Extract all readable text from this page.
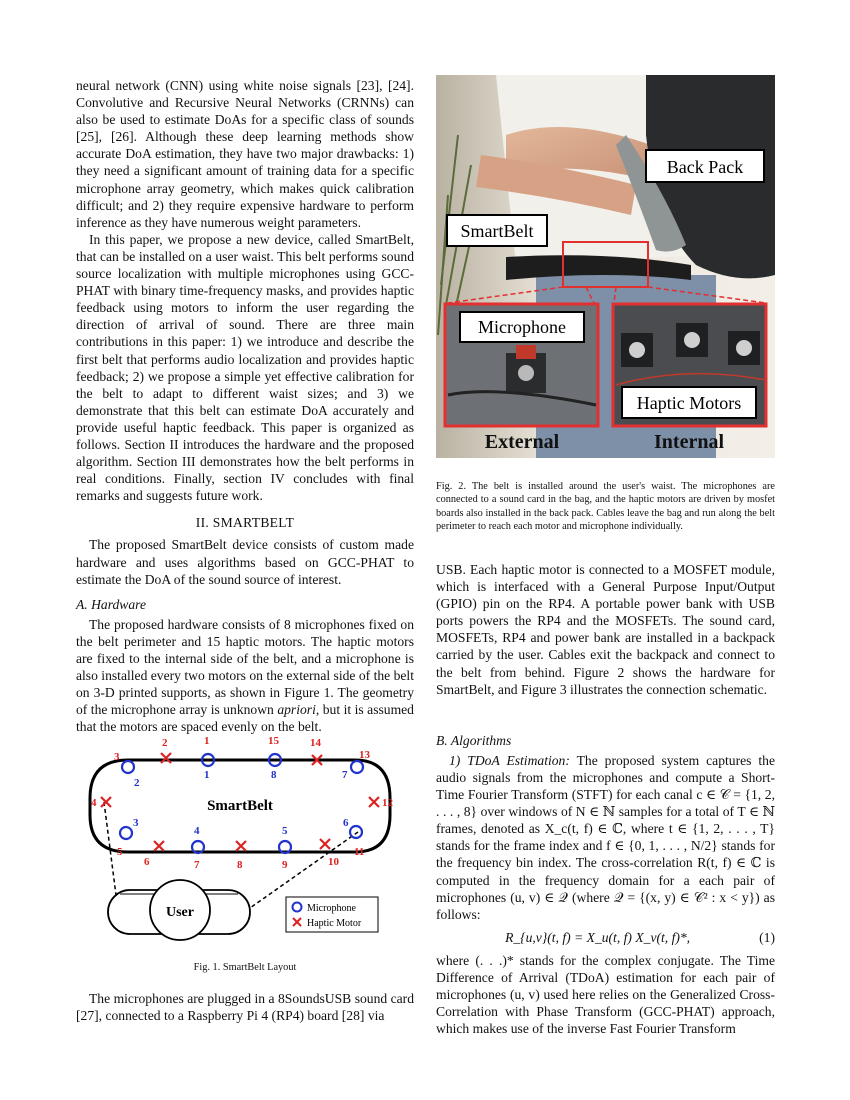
neural network (CNN) using white noise signals [23], [24]. Convolutive and Recursive Neural Networks (CRNNs) can also be used to estimate DoAs for a specific class of sounds [25], [26]. Although these deep learning methods show accurate DoA estimation, they have two major drawbacks: 1) they need a significant amount of training data for a specific microphone array geometry, which makes quick calibration difficult; and 2) they require expensive hardware to perform inference as they have numerous weight parameters.

In this paper, we propose a new device, called SmartBelt, that can be installed on a user waist. This belt performs sound source localization with multiple microphones using GCC-PHAT with binary time-frequency masks, and provides haptic feedback using motors to inform the user regarding the direction of arrival of sound. There are three main contributions in this paper: 1) we introduce and describe the first belt that performs audio localization and provides haptic feedback; 2) we propose a simple yet effective calibration for the belt to adapt to different waist sizes; and 3) we demonstrate that this belt can estimate DoA accurately and provide useful haptic feedback. This paper is organized as follows. Section II introduces the hardware and the proposed algorithm. Section III demonstrates how the belt performs in real conditions. Finally, section IV concludes with final remarks and suggests future work.

II. SMARTBELT

The proposed SmartBelt device consists of custom made hardware and uses algorithms based on GCC-PHAT to estimate the DoA of the sound source of interest.

A. Hardware

The proposed hardware consists of 8 microphones fixed on the belt perimeter and 15 haptic motors. The haptic motors are fixed to the internal side of the belt, and a microphone is also installed every two motors on the external side of the belt on 3-D printed supports, as shown in Figure 1. The geometry of the microphone array is unknown apriori, but it is assumed that the motors are spaced evenly on the belt.

SmartBelt
User	Microphone
Haptic Motor
3
2
2	1
1
15
8
14
13
7
4	12
3
5
4	5
6
6	7	8	9	10
11
Fig. 1. SmartBelt Layout

The microphones are plugged in a 8SoundsUSB sound card [27], connected to a Raspberry Pi 4 (RP4) board [28] via

Back Pack
SmartBelt
Microphone
Haptic Motors
External	Internal
Fig. 2. The belt is installed around the user's waist. The microphones are connected to a sound card in the bag, and the haptic motors are driven by mosfet boards also installed in the back pack. Cables leave the bag and run along the belt perimeter to reach each motor and microphone individually.

USB. Each haptic motor is connected to a MOSFET module, which is interfaced with a General Purpose Input/Output (GPIO) pin on the RP4. A portable power bank with USB ports powers the RP4 and the MOSFETs. The sound card, MOSFETs, RP4 and power bank are installed in a backpack carried by the user. Cables exit the backpack and connect to the belt from behind. Figure 2 shows the hardware for SmartBelt, and Figure 3 illustrates the connection schematic.

B. Algorithms

1) TDoA Estimation: The proposed system captures the audio signals from the microphones and compute a Short-Time Fourier Transform (STFT) for each canal c ∈ 𝒞 = {1, 2, . . . , 8} over windows of N ∈ ℕ samples for a total of T ∈ ℕ frames, denoted as X_c(t, f) ∈ ℂ, where t ∈ {1, 2, . . . , T} stands for the frame index and f ∈ {0, 1, . . . , N/2} stands for the frequency bin index. The cross-correlation R(t, f) ∈ ℂ is computed in the frequency domain for a each pair of microphones (u, v) ∈ 𝒬 (where 𝒬 = {(x, y) ∈ 𝒞² : x < y}) as follows:

R_{u,v}(t, f) = X_u(t, f) X_v(t, f)*,	(1)

where (. . .)* stands for the complex conjugate. The Time Difference of Arrival (TDoA) estimation for each pair of microphones (u, v) used here relies on the Generalized Cross-Correlation with Phase Transform (GCC-PHAT) approach, which makes use of the inverse Fast Fourier Transform
